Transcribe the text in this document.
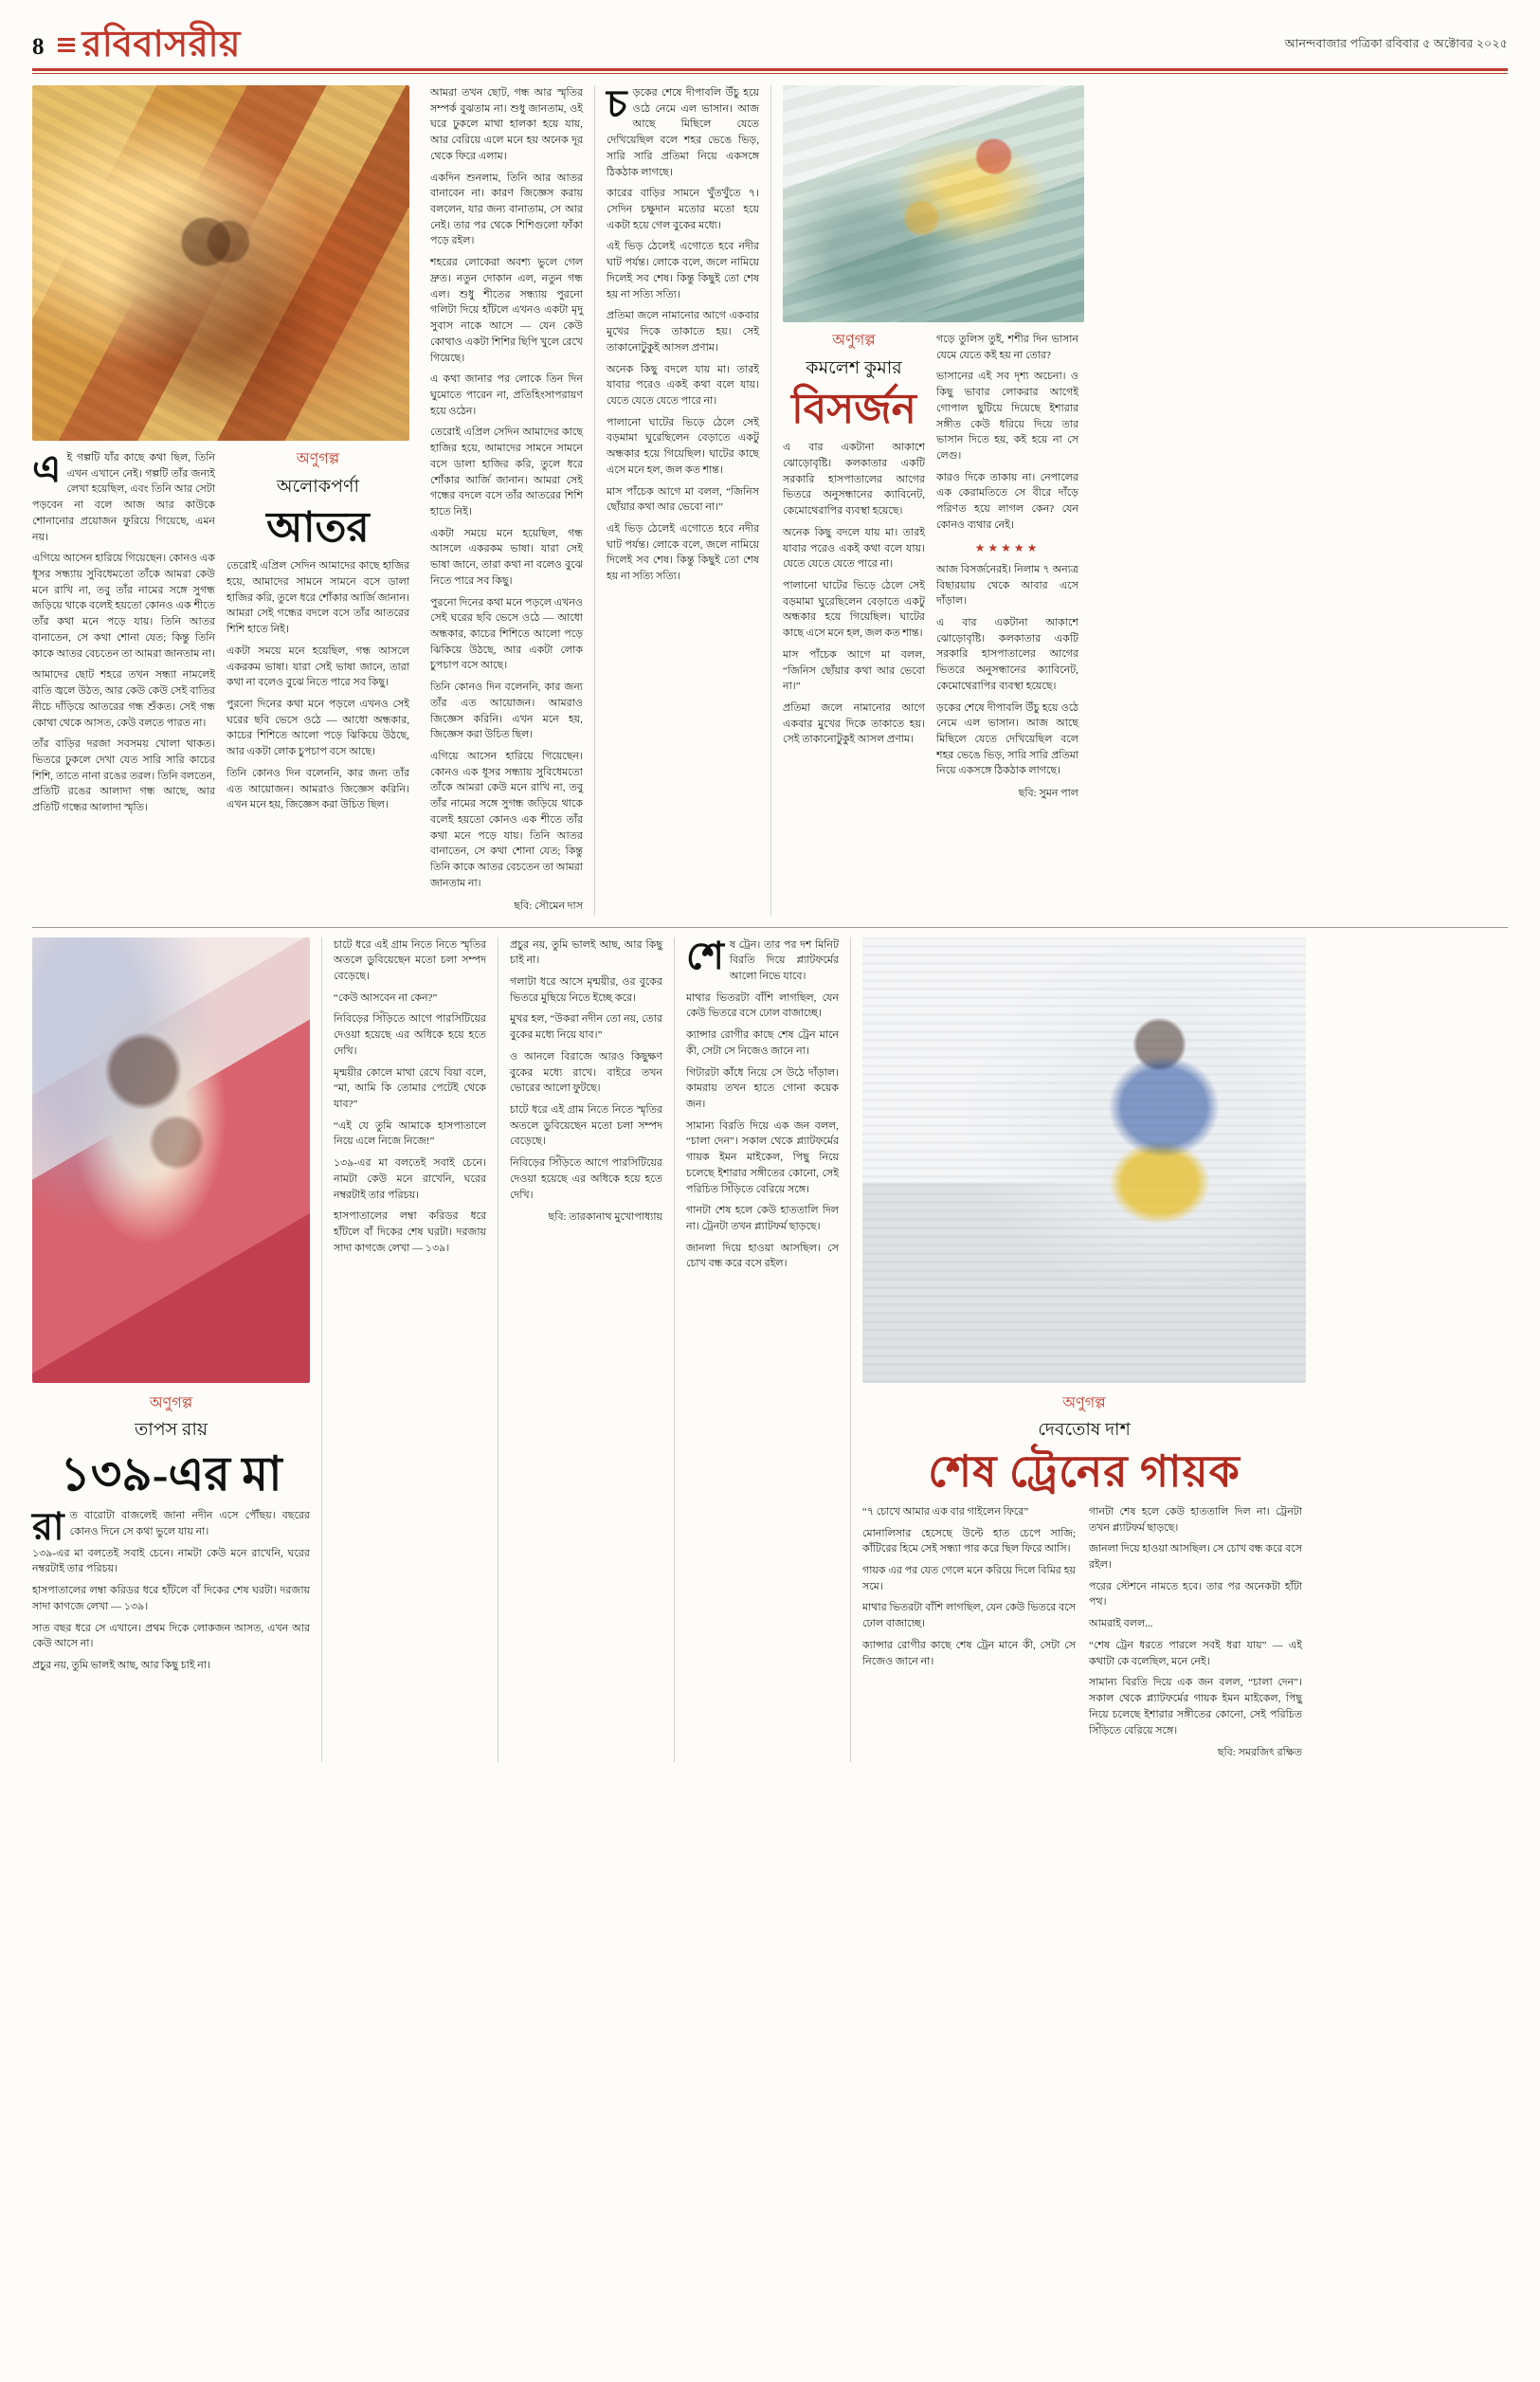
8	রবিবাসরীয়	আনন্দবাজার পত্রিকা রবিবার ৫ অক্টোবর ২০২৫

এই গল্পটি যাঁর কাছে কথা ছিল, তিনি এখন এখানে নেই। গল্পটি তাঁর জন্যই লেখা হয়েছিল, এবং তিনি আর সেটা পড়বেন না বলে আজ আর কাউকে শোনানোর প্রয়োজন ফুরিয়ে গিয়েছে, এমন নয়।

এগিয়ে আসেন হারিয়ে গিয়েছেন। কোনও এক ধূসর সন্ধ্যায় সুবিধেমতো তাঁকে আমরা কেউ মনে রাখি না, তবু তাঁর নামের সঙ্গে সুগন্ধ জড়িয়ে থাকে বলেই হয়তো কোনও এক শীতে তাঁর কথা মনে পড়ে যায়। তিনি আতর বানাতেন, সে কথা শোনা যেত; কিন্তু তিনি কাকে আতর বেচতেন তা আমরা জানতাম না।

আমাদের ছোট শহরে তখন সন্ধ্যা নামলেই বাতি জ্বলে উঠত, আর কেউ কেউ সেই বাতির নীচে দাঁড়িয়ে আতরের গন্ধ শুঁকত। সেই গন্ধ কোথা থেকে আসত, কেউ বলতে পারত না।

তাঁর বাড়ির দরজা সবসময় খোলা থাকত। ভিতরে ঢুকলে দেখা যেত সারি সারি কাচের শিশি, তাতে নানা রঙের তরল। তিনি বলতেন, প্রতিটি রঙের আলাদা গন্ধ আছে, আর প্রতিটি গন্ধের আলাদা স্মৃতি।

অণুগল্প
অলোকপর্ণা
আতর

তেরোই এপ্রিল সেদিন আমাদের কাছে হাজির হয়ে, আমাদের সামনে সামনে বসে ডালা হাজির করি, তুলে ধরে শোঁকার আর্জি জানান। আমরা সেই গন্ধের বদলে বসে তাঁর আতরের শিশি হাতে নিই।

একটা সময়ে মনে হয়েছিল, গন্ধ আসলে একরকম ভাষা। যারা সেই ভাষা জানে, তারা কথা না বলেও বুঝে নিতে পারে সব কিছু।

পুরনো দিনের কথা মনে পড়লে এখনও সেই ঘরের ছবি ভেসে ওঠে — আধো অন্ধকার, কাচের শিশিতে আলো পড়ে ঝিকিয়ে উঠছে, আর একটা লোক চুপচাপ বসে আছে।

তিনি কোনও দিন বলেননি, কার জন্য তাঁর এত আয়োজন। আমরাও জিজ্ঞেস করিনি। এখন মনে হয়, জিজ্ঞেস করা উচিত ছিল।

আমরা তখন ছোট, গন্ধ আর স্মৃতির সম্পর্ক বুঝতাম না। শুধু জানতাম, ওই ঘরে ঢুকলে মাথা হালকা হয়ে যায়, আর বেরিয়ে এলে মনে হয় অনেক দূর থেকে ফিরে এলাম।

একদিন শুনলাম, তিনি আর আতর বানাবেন না। কারণ জিজ্ঞেস করায় বললেন, যার জন্য বানাতাম, সে আর নেই। তার পর থেকে শিশিগুলো ফাঁকা পড়ে রইল।

শহরের লোকেরা অবশ্য ভুলে গেল দ্রুত। নতুন দোকান এল, নতুন গন্ধ এল। শুধু শীতের সন্ধ্যায় পুরনো গলিটা দিয়ে হাঁটলে এখনও একটা মৃদু সুবাস নাকে আসে — যেন কেউ কোথাও একটা শিশির ছিপি খুলে রেখে গিয়েছে।

এ কথা জানার পর লোকে তিন দিন ঘুমোতে পারেন না, প্রতিহিংসাপরায়ণ হয়ে ওঠেন।

তেরোই এপ্রিল সেদিন আমাদের কাছে হাজির হয়ে, আমাদের সামনে সামনে বসে ডালা হাজির করি, তুলে ধরে শোঁকার আর্জি জানান। আমরা সেই গন্ধের বদলে বসে তাঁর আতরের শিশি হাতে নিই।

একটা সময়ে মনে হয়েছিল, গন্ধ আসলে একরকম ভাষা। যারা সেই ভাষা জানে, তারা কথা না বলেও বুঝে নিতে পারে সব কিছু।

পুরনো দিনের কথা মনে পড়লে এখনও সেই ঘরের ছবি ভেসে ওঠে — আধো অন্ধকার, কাচের শিশিতে আলো পড়ে ঝিকিয়ে উঠছে, আর একটা লোক চুপচাপ বসে আছে।

তিনি কোনও দিন বলেননি, কার জন্য তাঁর এত আয়োজন। আমরাও জিজ্ঞেস করিনি। এখন মনে হয়, জিজ্ঞেস করা উচিত ছিল।

এগিয়ে আসেন হারিয়ে গিয়েছেন। কোনও এক ধূসর সন্ধ্যায় সুবিধেমতো তাঁকে আমরা কেউ মনে রাখি না, তবু তাঁর নামের সঙ্গে সুগন্ধ জড়িয়ে থাকে বলেই হয়তো কোনও এক শীতে তাঁর কথা মনে পড়ে যায়। তিনি আতর বানাতেন, সে কথা শোনা যেত; কিন্তু তিনি কাকে আতর বেচতেন তা আমরা জানতাম না।

ছবি: সৌমেন দাস

চড়কের শেষে দীপাবলি উঁচু হয়ে ওঠে নেমে এল ভাসান। আজ আছে মিছিলে যেতে দেখিয়েছিল বলে শহর ভেঙে ভিড়, সারি সারি প্রতিমা নিয়ে একসঙ্গে ঠিকঠাক লাগছে।

কারের বাড়ির সামনে খুঁতখুঁতে ৭। সেদিন চক্ষুদান মতোর মতো হয়ে একটা হয়ে গেল বুকের মধ্যে।

এই ভিড় ঠেলেই এগোতে হবে নদীর ঘাট পর্যন্ত। লোকে বলে, জলে নামিয়ে দিলেই সব শেষ। কিন্তু কিছুই তো শেষ হয় না সত্যি সত্যি।

প্রতিমা জলে নামানোর আগে একবার মুখের দিকে তাকাতে হয়। সেই তাকানোটুকুই আসল প্রণাম।

অনেক কিছু বদলে যায় মা। তারই যাবার পরেও একই কথা বলে যায়। যেতে যেতে যেতে পারে না।

পালানো ঘাটের ভিড়ে ঠেলে সেই বড়মামা ঘুরেছিলেন বেড়াতে একটু অন্ধকার হয়ে গিয়েছিল। ঘাটের কাছে এসে মনে হল, জল কত শান্ত।

মাস পাঁচেক আগে মা বলল, “জিনিস ছোঁয়ার কথা আর ভেবো না।”

এই ভিড় ঠেলেই এগোতে হবে নদীর ঘাট পর্যন্ত। লোকে বলে, জলে নামিয়ে দিলেই সব শেষ। কিন্তু কিছুই তো শেষ হয় না সত্যি সত্যি।

অণুগল্প
কমলেশ কুমার
বিসর্জন

এ বার একটানা আকাশে ঝোড়োবৃষ্টি। কলকাতার একটি সরকারি হাসপাতালের আগের ভিতরে অনুসন্ধানের ক্যাবিনেট, কেমোথেরাপির ব্যবস্থা হয়েছে।

অনেক কিছু বদলে যায় মা। তারই যাবার পরেও একই কথা বলে যায়। যেতে যেতে যেতে পারে না।

পালানো ঘাটের ভিড়ে ঠেলে সেই বড়মামা ঘুরেছিলেন বেড়াতে একটু অন্ধকার হয়ে গিয়েছিল। ঘাটের কাছে এসে মনে হল, জল কত শান্ত।

মাস পাঁচেক আগে মা বলল, “জিনিস ছোঁয়ার কথা আর ভেবো না।”

প্রতিমা জলে নামানোর আগে একবার মুখের দিকে তাকাতে হয়। সেই তাকানোটুকুই আসল প্রণাম।

গড়ে তুলিস তুই, শশীর দিন ভাসান যেমে যেতে কই হয় না তোর?

ভাসানের এই সব দৃশ্য অচেনা। ও কিছু ভাবার লোকরার আগেই গোপাল ছুটিয়ে দিয়েছে ইশারার সঙ্গীত কেউ ধরিয়ে দিয়ে তার ভাসান দিতে হয়, কই হয়ে না সে লেগু।

কারও দিকে তাকায় না। নেপালের এক কেরামতিতে সে বীরে দাঁড়ে পরিণত হয়ে লাগল কেন? যেন কোনও ব্যথার নেই।

★★★★★

আজ বিসর্জনেরই। নিলাম ৭ অন্যত্র বিছারয়ায় থেকে আবার এসে দাঁড়াল।

এ বার একটানা আকাশে ঝোড়োবৃষ্টি। কলকাতার একটি সরকারি হাসপাতালের আগের ভিতরে অনুসন্ধানের ক্যাবিনেট, কেমোথেরাপির ব্যবস্থা হয়েছে।

ড়কের শেষে দীপাবলি উঁচু হয়ে ওঠে নেমে এল ভাসান। আজ আছে মিছিলে যেতে দেখিয়েছিল বলে শহর ভেঙে ভিড়, সারি সারি প্রতিমা নিয়ে একসঙ্গে ঠিকঠাক লাগছে।

ছবি: সুমন পাল
অণুগল্প
তাপস রায়
১৩৯-এর মা

রাত বারোটা বাজলেই জানা নদীন এসে পৌঁছয়। বছরের কোনও দিনে সে কথা ভুলে যায় না।

১৩৯-এর মা বলতেই সবাই চেনে। নামটা কেউ মনে রাখেনি, ঘরের নম্বরটাই তার পরিচয়।

হাসপাতালের লম্বা করিডর ধরে হাঁটলে বাঁ দিকের শেষ ঘরটা। দরজায় সাদা কাগজে লেখা — ১৩৯।

সাত বছর ধরে সে এখানে। প্রথম দিকে লোকজন আসত, এখন আর কেউ আসে না।

প্রচুর নয়, তুমি ভালই আছ, আর কিছু চাই না।

চাটে ধরে এই গ্রাম নিতে নিতে স্মৃতির অতলে ডুবিয়েছেন মতো চলা সম্পদ বেড়েছে।

“কেউ আসবেন না কেন?”

নিবিড়ের সিঁড়িতে আগে পারসিটিয়ের দেওয়া হয়েছে এর অধিকে হয়ে হতে দেখি।

মৃন্ময়ীর কোলে মাথা রেখে বিয়া বলে, “মা, আমি কি তোমার পেটেই থেকে যাব?”

“এই যে তুমি আমাকে হাসপাতালে নিয়ে এলে নিজে নিজে!”

১৩৯-এর মা বলতেই সবাই চেনে। নামটা কেউ মনে রাখেনি, ঘরের নম্বরটাই তার পরিচয়।

হাসপাতালের লম্বা করিডর ধরে হাঁটলে বাঁ দিকের শেষ ঘরটা। দরজায় সাদা কাগজে লেখা — ১৩৯।

প্রচুর নয়, তুমি ভালই আছ, আর কিছু চাই না।

গলাটা ধরে আসে মৃন্ময়ীর, ওর বুকের ভিতরে মুছিয়ে নিতে ইচ্ছে করে।

মুখর হল, “উকরা নদীন তো নয়, তোর বুকের মধ্যে নিয়ে যাব।”

ও আনলে বিরাজে আরও কিছুক্ষণ বুকের মধ্যে রাখে। বাইরে তখন ভোরের আলো ফুটছে।

চাটে ধরে এই গ্রাম নিতে নিতে স্মৃতির অতলে ডুবিয়েছেন মতো চলা সম্পদ বেড়েছে।

নিবিড়ের সিঁড়িতে আগে পারসিটিয়ের দেওয়া হয়েছে এর অধিকে হয়ে হতে দেখি।

ছবি: তারকানাথ মুখোপাধ্যায়

শেষ ট্রেন। তার পর দশ মিনিট বিরতি দিয়ে প্ল্যাটফর্মের আলো নিভে যাবে।

মাথার ভিতরটা বাঁশি লাগছিল, যেন কেউ ভিতরে বসে ঢোল বাজাচ্ছে।

ক্যান্সার রোগীর কাছে শেষ ট্রেন মানে কী, সেটা সে নিজেও জানে না।

গিটারটা কাঁধে নিয়ে সে উঠে দাঁড়াল। কামরায় তখন হাতে গোনা কয়েক জন।

সামান্য বিরতি দিয়ে এক জন বলল, “চালা দেন”। সকাল থেকে প্ল্যাটফর্মের গায়ক ইমন মাইকেল, পিছু নিয়ে চলেছে ইশারার সঙ্গীতের কোনো, সেই পরিচিত সিঁড়িতে বেরিয়ে সঙ্গে।

গানটা শেষ হলে কেউ হাততালি দিল না। ট্রেনটা তখন প্ল্যাটফর্ম ছাড়ছে।

জানলা দিয়ে হাওয়া আসছিল। সে চোখ বন্ধ করে বসে রইল।

অণুগল্প
দেবতোষ দাশ
শেষ ট্রেনের গায়ক

“৭ চোখে আমার এক বার গাইলেন ফিরে”

মোনালিসার হেসেছে উল্টে হাত চেপে সাজি; কাঁটিরের হিমে সেই সন্ধ্যা পার করে ছিল ফিরে আসি।

গায়ক এর পর যেত গেলে মনে করিয়ে দিলে বিমির হয় সমে।

মাথার ভিতরটা বাঁশি লাগছিল, যেন কেউ ভিতরে বসে ঢোল বাজাচ্ছে।

ক্যান্সার রোগীর কাছে শেষ ট্রেন মানে কী, সেটা সে নিজেও জানে না।

গানটা শেষ হলে কেউ হাততালি দিল না। ট্রেনটা তখন প্ল্যাটফর্ম ছাড়ছে।

জানলা দিয়ে হাওয়া আসছিল। সে চোখ বন্ধ করে বসে রইল।

পরের স্টেশনে নামতে হবে। তার পর অনেকটা হাঁটা পথ।

আমরাই বলল...

“শেষ ট্রেন ধরতে পারলে সবই ধরা যায়” — এই কথাটা কে বলেছিল, মনে নেই।

সামান্য বিরতি দিয়ে এক জন বলল, “চালা দেন”। সকাল থেকে প্ল্যাটফর্মের গায়ক ইমন মাইকেল, পিছু নিয়ে চলেছে ইশারার সঙ্গীতের কোনো, সেই পরিচিত সিঁড়িতে বেরিয়ে সঙ্গে।

ছবি: সমরজিৎ রক্ষিত
